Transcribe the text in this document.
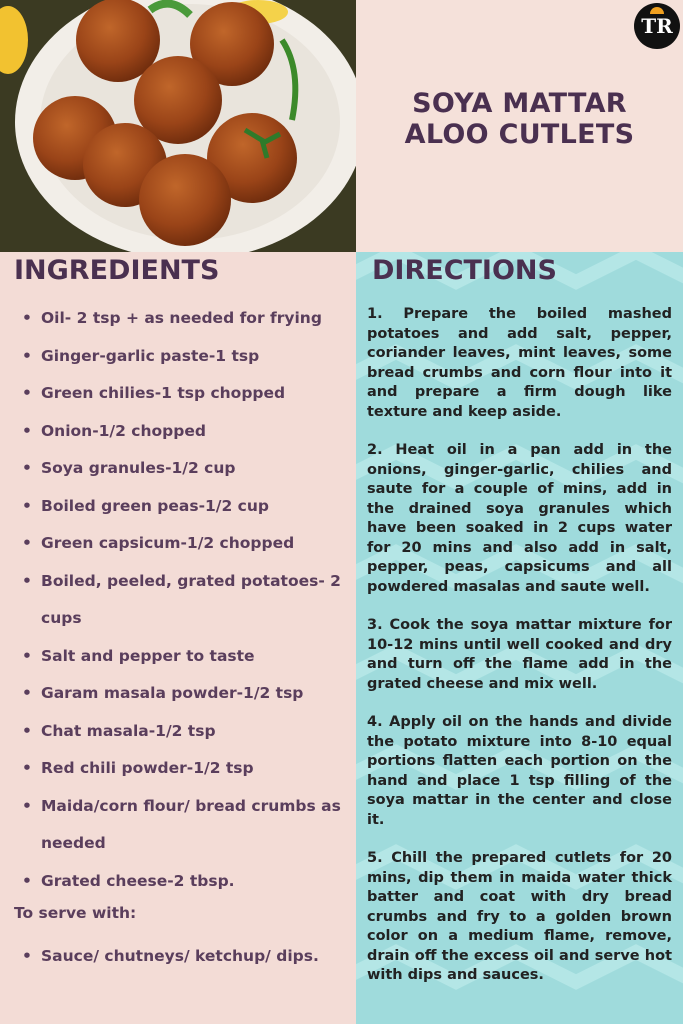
TR
SOYA MATTAR
ALOO CUTLETS
INGREDIENTS
• Oil- 2 tsp + as needed for frying
• Ginger-garlic paste-1 tsp
• Green chilies-1 tsp chopped
• Onion-1/2 chopped
• Soya granules-1/2 cup
• Boiled green peas-1/2 cup
• Green capsicum-1/2 chopped
• Boiled, peeled, grated potatoes- 2 cups
• Salt and pepper to taste
• Garam masala powder-1/2 tsp
• Chat masala-1/2 tsp
• Red chili powder-1/2 tsp
• Maida/corn flour/ bread crumbs as needed
• Grated cheese-2 tbsp.
To serve with:
• Sauce/ chutneys/ ketchup/ dips.
DIRECTIONS

1. Prepare the boiled mashed potatoes and add salt, pepper, coriander leaves, mint leaves, some bread crumbs and corn flour into it and prepare a firm dough like texture and keep aside.

2. Heat oil in a pan add in the onions, ginger-garlic, chilies and saute for a couple of mins, add in the drained soya granules which have been soaked in 2 cups water for 20 mins and also add in salt, pepper, peas, capsicums and all powdered masalas and saute well.

3. Cook the soya mattar mixture for 10-12 mins until well cooked and dry and turn off the flame add in the grated cheese and mix well.

4. Apply oil on the hands and divide the potato mixture into 8-10 equal portions flatten each portion on the hand and place 1 tsp filling of the soya mattar in the center and close it.

5. Chill the prepared cutlets for 20 mins, dip them in maida water thick batter and coat with dry bread crumbs and fry to a golden brown color on a medium flame, remove, drain off the excess oil and serve hot with dips and sauces.
